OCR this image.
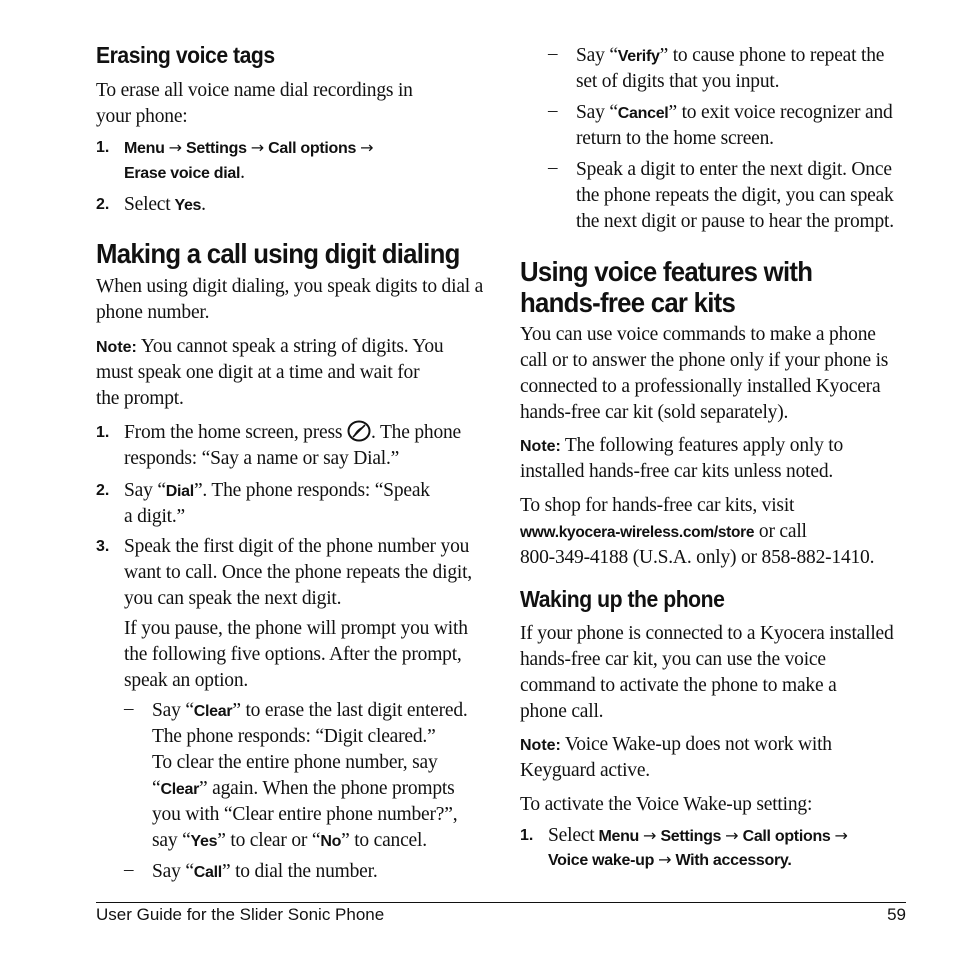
Erasing voice tags
To erase all voice name dial recordings in
your phone:
1. Menu → Settings → Call options →
Erase voice dial.
2. Select Yes.
Making a call using digit dialing
When using digit dialing, you speak digits to dial a
phone number.
Note: You cannot speak a string of digits. You
must speak one digit at a time and wait for
the prompt.
1. From the home screen, press . The phone
responds: “Say a name or say Dial.”
2. Say “Dial”. The phone responds: “Speak
a digit.”
3. Speak the first digit of the phone number you
want to call. Once the phone repeats the digit,
you can speak the next digit.
If you pause, the phone will prompt you with
the following five options. After the prompt,
speak an option.
– Say “Clear” to erase the last digit entered.
The phone responds: “Digit cleared.”
To clear the entire phone number, say
“Clear” again. When the phone prompts
you with “Clear entire phone number?”,
say “Yes” to clear or “No” to cancel.
– Say “Call” to dial the number.
– Say “Verify” to cause phone to repeat the
set of digits that you input.
– Say “Cancel” to exit voice recognizer and
return to the home screen.
– Speak a digit to enter the next digit. Once
the phone repeats the digit, you can speak
the next digit or pause to hear the prompt.
Using voice features with
hands-free car kits
You can use voice commands to make a phone
call or to answer the phone only if your phone is
connected to a professionally installed Kyocera
hands-free car kit (sold separately).
Note: The following features apply only to
installed hands-free car kits unless noted.
To shop for hands-free car kits, visit
www.kyocera-wireless.com/store or call
800-349-4188 (U.S.A. only) or 858-882-1410.
Waking up the phone
If your phone is connected to a Kyocera installed
hands-free car kit, you can use the voice
command to activate the phone to make a
phone call.
Note: Voice Wake-up does not work with
Keyguard active.
To activate the Voice Wake-up setting:
1. Select Menu → Settings → Call options →
Voice wake-up → With accessory.
User Guide for the Slider Sonic Phone	59
